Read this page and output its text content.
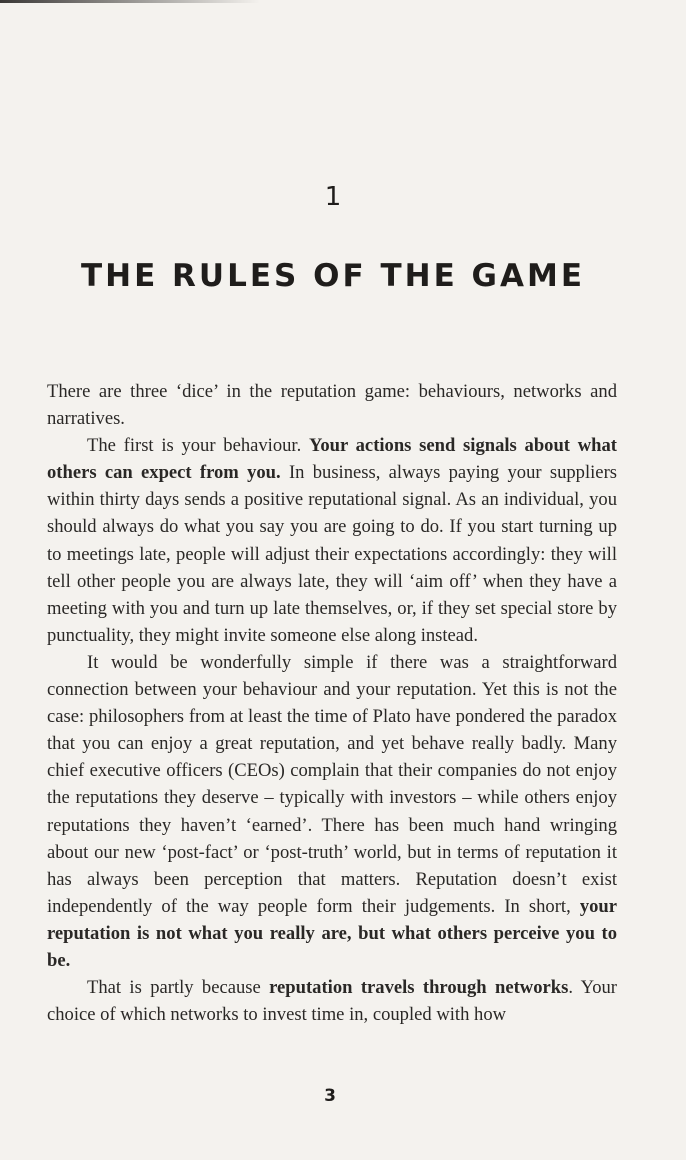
1
THE RULES OF THE GAME

There are three ‘dice’ in the reputation game: behaviours, networks and narratives.

The first is your behaviour. Your actions send signals about what others can expect from you. In business, always paying your suppliers within thirty days sends a positive reputational signal. As an individual, you should always do what you say you are going to do. If you start turning up to meetings late, people will adjust their expectations accordingly: they will tell other people you are always late, they will ‘aim off’ when they have a meeting with you and turn up late themselves, or, if they set special store by punctuality, they might invite someone else along instead.

It would be wonderfully simple if there was a straightforward connection between your behaviour and your reputation. Yet this is not the case: philosophers from at least the time of Plato have pondered the paradox that you can enjoy a great reputation, and yet behave really badly. Many chief executive officers (CEOs) complain that their companies do not enjoy the reputations they deserve – typically with investors – while others enjoy reputations they haven’t ‘earned’. There has been much hand wringing about our new ‘post-fact’ or ‘post-truth’ world, but in terms of reputation it has always been perception that matters. Reputation doesn’t exist independently of the way people form their judgements. In short, your reputation is not what you really are, but what others perceive you to be.

That is partly because reputation travels through networks. Your choice of which networks to invest time in, coupled with how

3
